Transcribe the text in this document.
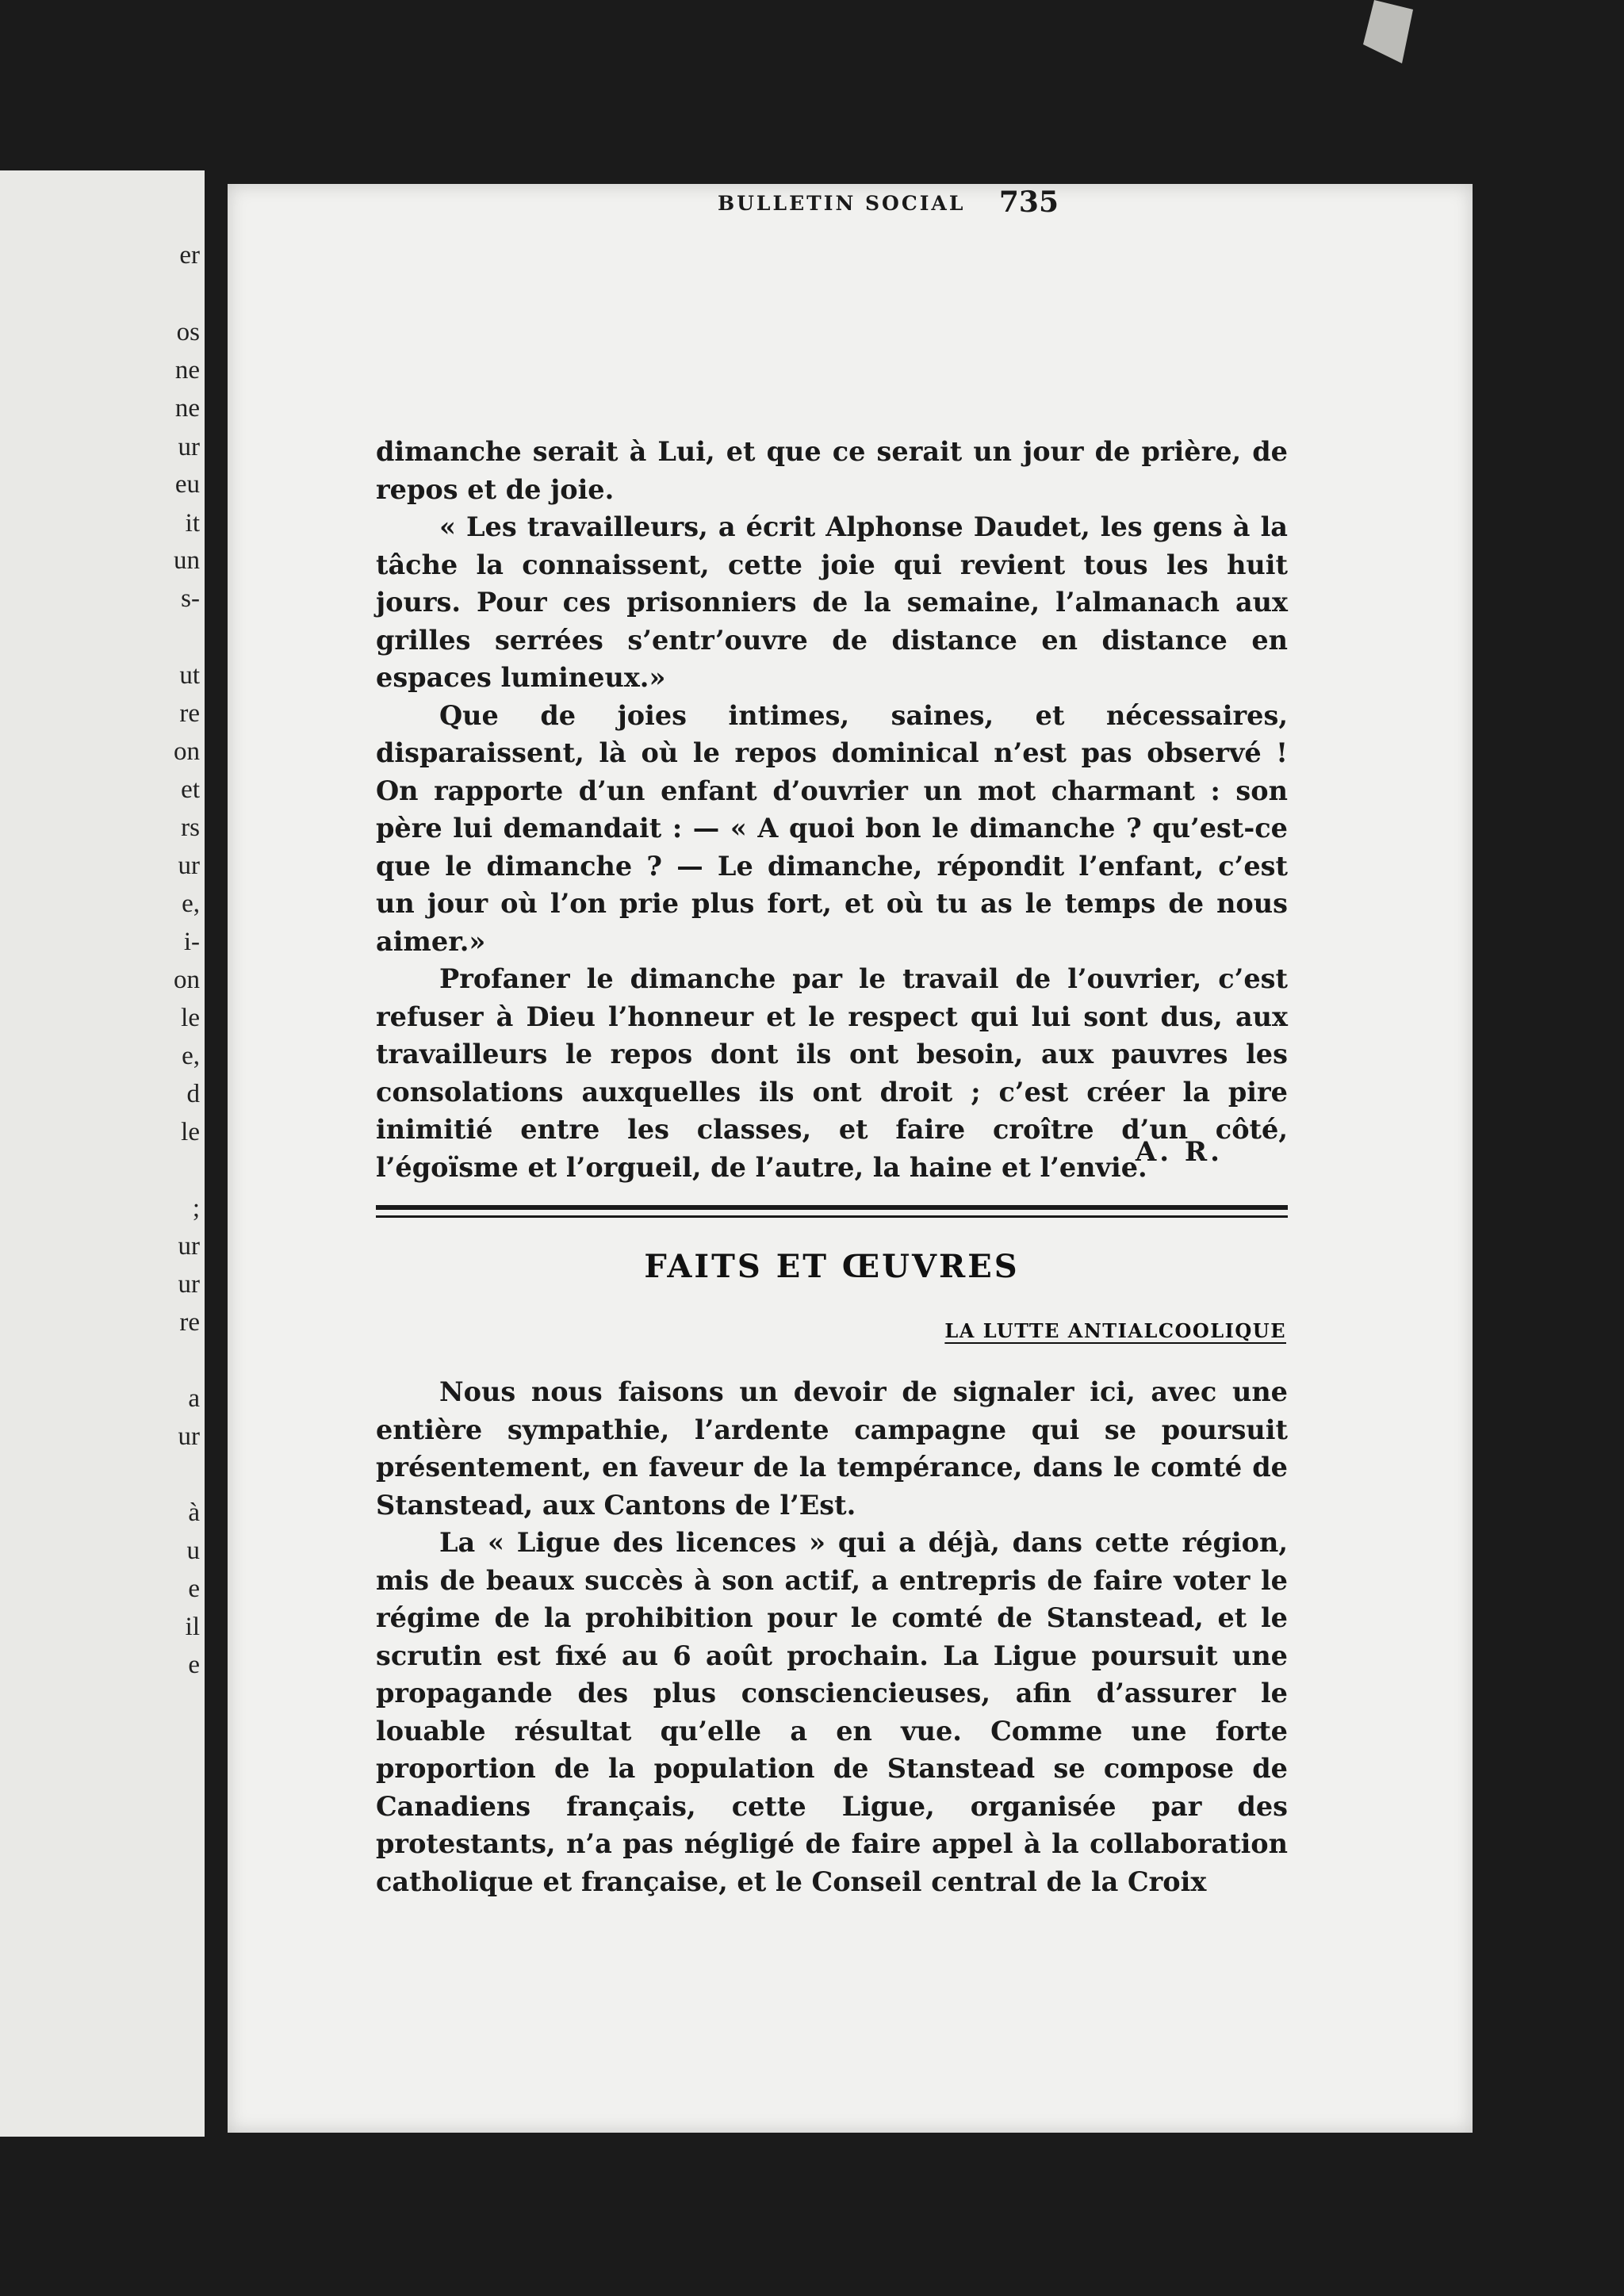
er
os
ne
ne
ur
eu
it
un
s-
ut
re
on
et
rs
ur
e,
i-
on
le
e,
d
le
;
ur
ur
re
a
ur
à
u
e
il
e
BULLETIN SOCIAL 735

dimanche serait à Lui, et que ce serait un jour de prière, de repos et de joie.

« Les travailleurs, a écrit Alphonse Daudet, les gens à la tâche la connaissent, cette joie qui revient tous les huit jours. Pour ces prisonniers de la semaine, l’almanach aux grilles serrées s’entr’ouvre de distance en distance en espaces lumineux.»

Que de joies intimes, saines, et nécessaires, disparaissent, là où le repos dominical n’est pas observé ! On rapporte d’un enfant d’ouvrier un mot charmant : son père lui demandait : — « A quoi bon le dimanche ? qu’est-ce que le dimanche ? — Le dimanche, répondit l’enfant, c’est un jour où l’on prie plus fort, et où tu as le temps de nous aimer.»

Profaner le dimanche par le travail de l’ouvrier, c’est refuser à Dieu l’honneur et le respect qui lui sont dus, aux travailleurs le repos dont ils ont besoin, aux pauvres les consolations auxquelles ils ont droit ; c’est créer la pire inimitié entre les classes, et faire croître d’un côté, l’égoïsme et l’orgueil, de l’autre, la haine et l’envie.

A. R.
FAITS ET ŒUVRES
LA LUTTE ANTIALCOOLIQUE

Nous nous faisons un devoir de signaler ici, avec une entière sympathie, l’ardente campagne qui se poursuit présentement, en faveur de la tempérance, dans le comté de Stanstead, aux Cantons de l’Est.

La « Ligue des licences » qui a déjà, dans cette région, mis de beaux succès à son actif, a entrepris de faire voter le régime de la prohibition pour le comté de Stanstead, et le scrutin est fixé au 6 août prochain. La Ligue poursuit une propagande des plus consciencieuses, afin d’assurer le louable résultat qu’elle a en vue. Comme une forte proportion de la population de Stanstead se compose de Canadiens français, cette Ligue, organisée par des protestants, n’a pas négligé de faire appel à la collaboration catholique et française, et le Conseil central de la Croix
